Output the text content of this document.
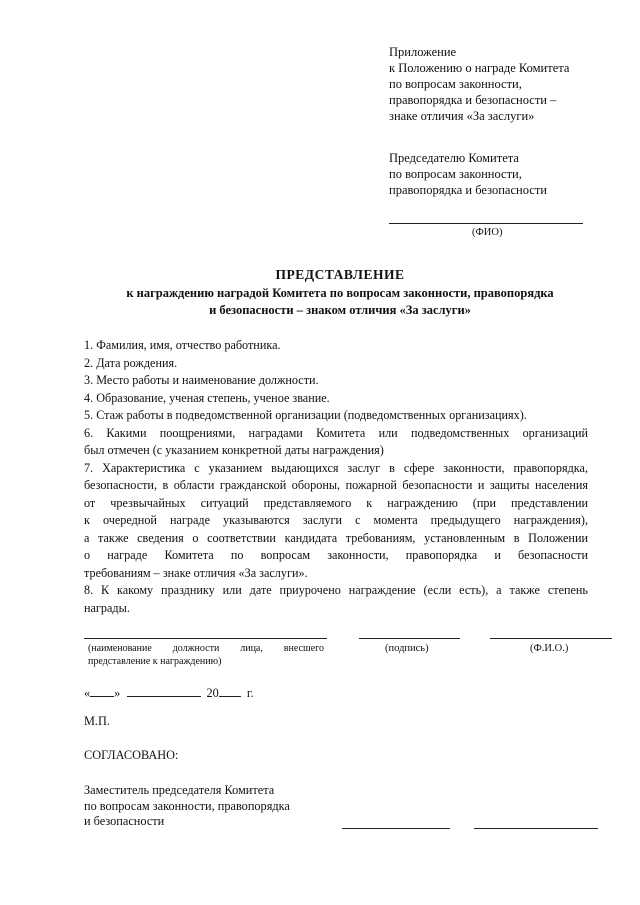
Приложение
к Положению о награде Комитета
по вопросам законности,
правопорядка и безопасности –
знаке отличия «За заслуги»
Председателю Комитета
по вопросам законности,
правопорядка и безопасности
(ФИО)
ПРЕДСТАВЛЕНИЕ
к награждению наградой Комитета по вопросам законности, правопорядка
и безопасности – знаком отличия «За заслуги»
1. Фамилия, имя, отчество работника.
2. Дата рождения.
3. Место работы и наименование должности.
4. Образование, ученая степень, ученое звание.
5. Стаж работы в подведомственной организации (подведомственных организациях).
6. Какими поощрениями, наградами Комитета или подведомственных организаций
был отмечен (с указанием конкретной даты награждения)
7. Характеристика с указанием выдающихся заслуг в сфере законности, правопорядка,
безопасности, в области гражданской обороны, пожарной безопасности и защиты населения
от чрезвычайных ситуаций представляемого к награждению (при представлении
к очередной награде указываются заслуги с момента предыдущего награждения),
а также сведения о соответствии кандидата требованиям, установленным в Положении
о награде Комитета по вопросам законности, правопорядка и безопасности
требованиям – знаке отличия «За заслуги».
8. К какому празднику или дате приурочено награждение (если есть), а также степень
награды.
(наименование должности лица, внесшего
представление к награждению)
(подпись)	(Ф.И.О.)
« »	20 г.
М.П.
СОГЛАСОВАНО:
Заместитель председателя Комитета
по вопросам законности, правопорядка
и безопасности
